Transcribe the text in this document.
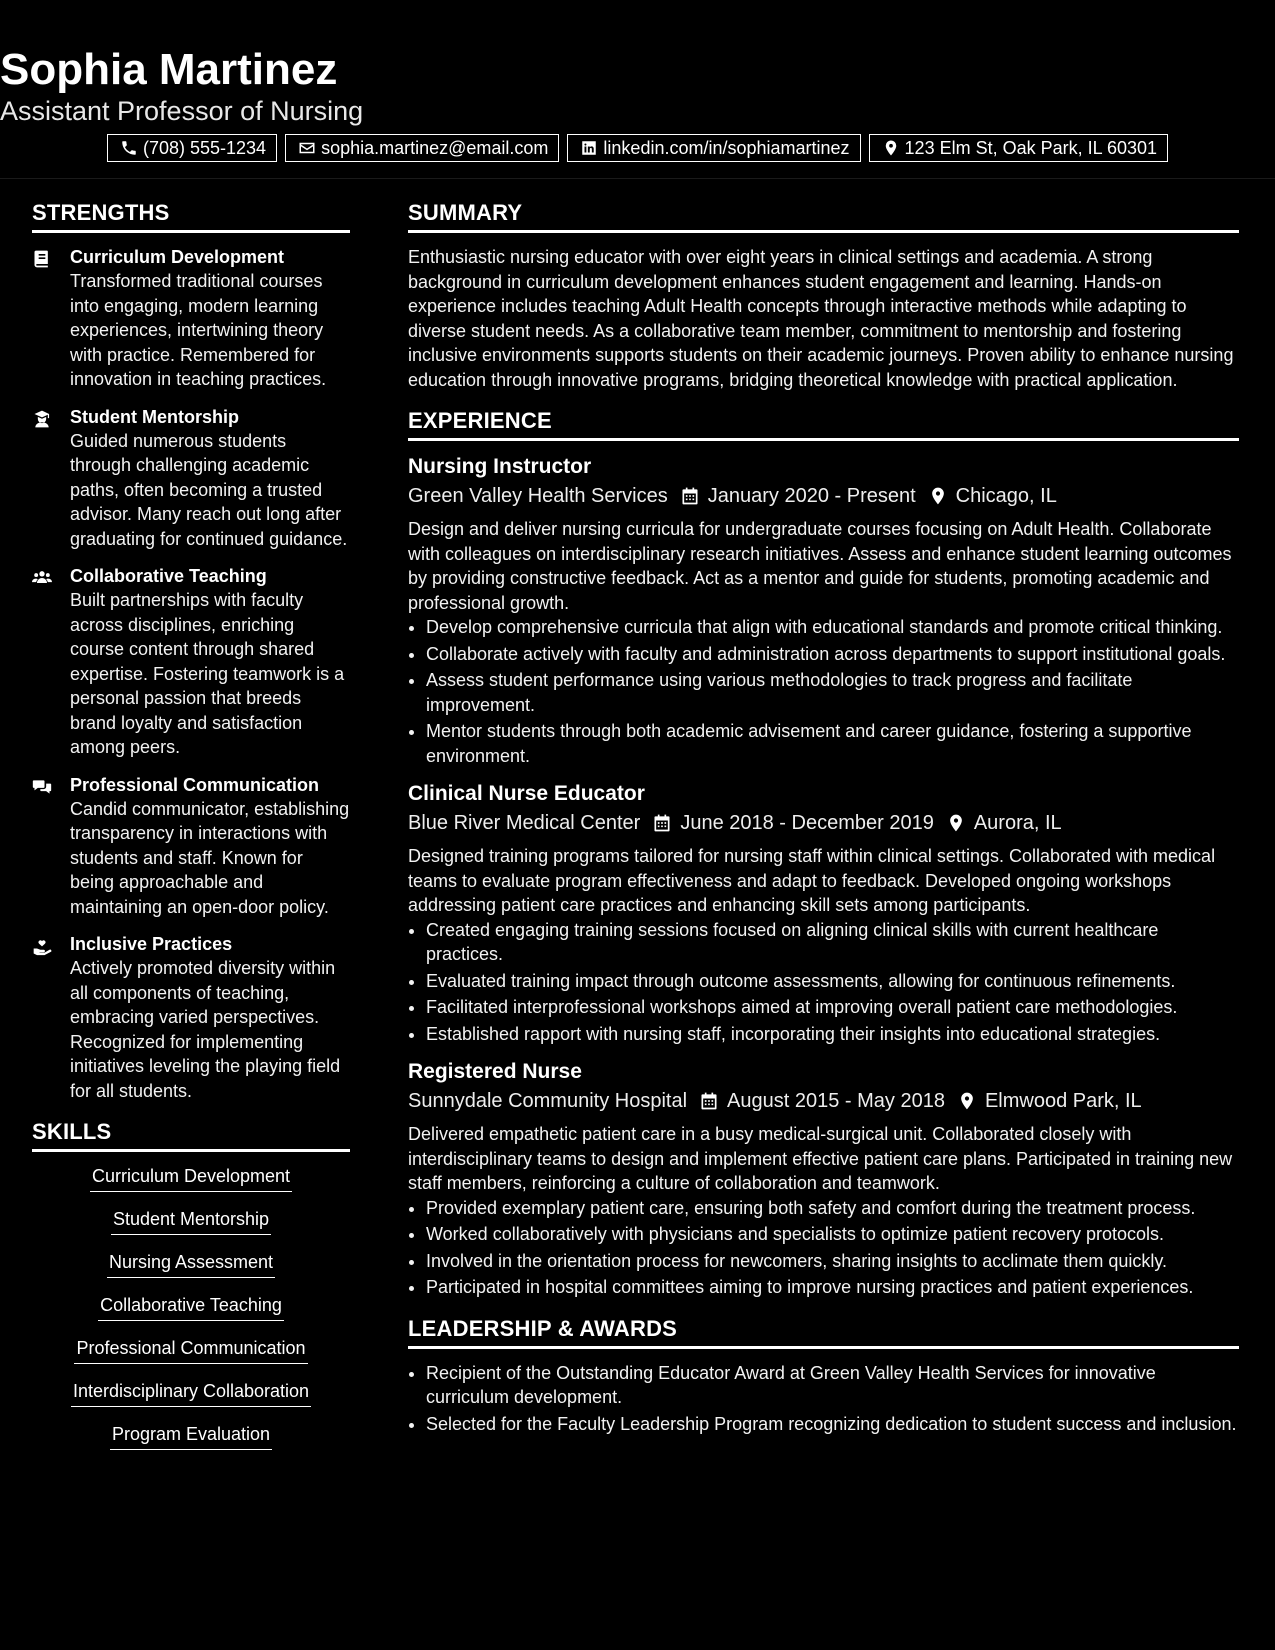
Sophia Martinez
Assistant Professor of Nursing
(708) 555-1234	sophia.martinez@email.com	linkedin.com/in/sophiamartinez	123 Elm St, Oak Park, IL 60301
STRENGTHS
Curriculum Development
Transformed traditional courses into engaging, modern learning experiences, intertwining theory with practice. Remembered for innovation in teaching practices.
Student Mentorship
Guided numerous students through challenging academic paths, often becoming a trusted advisor. Many reach out long after graduating for continued guidance.
Collaborative Teaching
Built partnerships with faculty across disciplines, enriching course content through shared expertise. Fostering teamwork is a personal passion that breeds brand loyalty and satisfaction among peers.
Professional Communication
Candid communicator, establishing transparency in interactions with students and staff. Known for being approachable and maintaining an open-door policy.
Inclusive Practices
Actively promoted diversity within all components of teaching, embracing varied perspectives. Recognized for implementing initiatives leveling the playing field for all students.
SKILLS
Curriculum Development
Student Mentorship
Nursing Assessment
Collaborative Teaching
Professional Communication
Interdisciplinary Collaboration
Program Evaluation
SUMMARY
Enthusiastic nursing educator with over eight years in clinical settings and academia. A strong background in curriculum development enhances student engagement and learning. Hands-on experience includes teaching Adult Health concepts through interactive methods while adapting to diverse student needs. As a collaborative team member, commitment to mentorship and fostering inclusive environments supports students on their academic journeys. Proven ability to enhance nursing education through innovative programs, bridging theoretical knowledge with practical application.
EXPERIENCE
Nursing Instructor
Green Valley Health Services January 2020 - Present Chicago, IL
Design and deliver nursing curricula for undergraduate courses focusing on Adult Health. Collaborate with colleagues on interdisciplinary research initiatives. Assess and enhance student learning outcomes by providing constructive feedback. Act as a mentor and guide for students, promoting academic and professional growth.
• Develop comprehensive curricula that align with educational standards and promote critical thinking.
• Collaborate actively with faculty and administration across departments to support institutional goals.
• Assess student performance using various methodologies to track progress and facilitate improvement.
• Mentor students through both academic advisement and career guidance, fostering a supportive environment.
Clinical Nurse Educator
Blue River Medical Center June 2018 - December 2019 Aurora, IL
Designed training programs tailored for nursing staff within clinical settings. Collaborated with medical teams to evaluate program effectiveness and adapt to feedback. Developed ongoing workshops addressing patient care practices and enhancing skill sets among participants.
• Created engaging training sessions focused on aligning clinical skills with current healthcare practices.
• Evaluated training impact through outcome assessments, allowing for continuous refinements.
• Facilitated interprofessional workshops aimed at improving overall patient care methodologies.
• Established rapport with nursing staff, incorporating their insights into educational strategies.
Registered Nurse
Sunnydale Community Hospital August 2015 - May 2018 Elmwood Park, IL
Delivered empathetic patient care in a busy medical-surgical unit. Collaborated closely with interdisciplinary teams to design and implement effective patient care plans. Participated in training new staff members, reinforcing a culture of collaboration and teamwork.
• Provided exemplary patient care, ensuring both safety and comfort during the treatment process.
• Worked collaboratively with physicians and specialists to optimize patient recovery protocols.
• Involved in the orientation process for newcomers, sharing insights to acclimate them quickly.
• Participated in hospital committees aiming to improve nursing practices and patient experiences.
LEADERSHIP & AWARDS
• Recipient of the Outstanding Educator Award at Green Valley Health Services for innovative curriculum development.
• Selected for the Faculty Leadership Program recognizing dedication to student success and inclusion.
